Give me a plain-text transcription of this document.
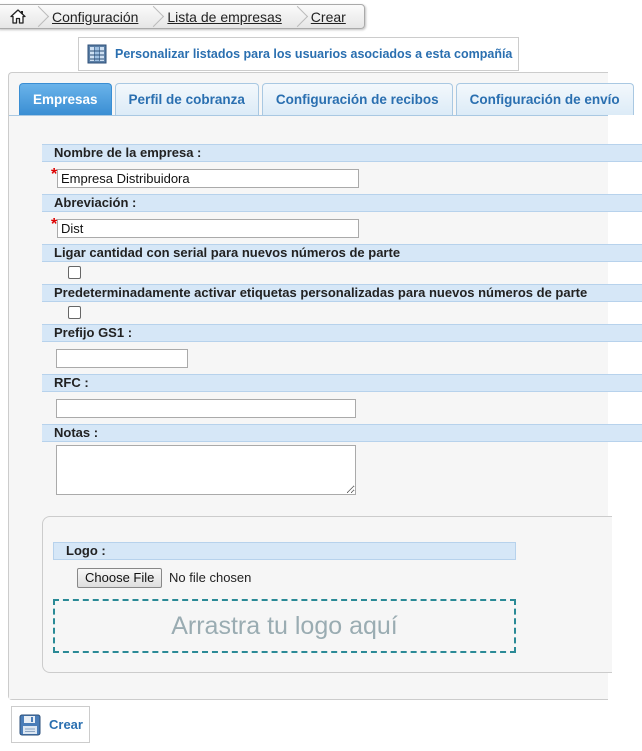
Configuración	Lista de empresas	Crear
Personalizar listados para los usuarios asociados a esta compañía
Empresas	Perfil de cobranza	Configuración de recibos	Configuración de envío
Nombre de la empresa :
*
Empresa Distribuidora
Abreviación :
*
Dist
Ligar cantidad con serial para nuevos números de parte
Predeterminadamente activar etiquetas personalizadas para nuevos números de parte
Prefijo GS1 :
RFC :
Notas :
Logo :
Choose File	No file chosen
Arrastra tu logo aquí
Crear
